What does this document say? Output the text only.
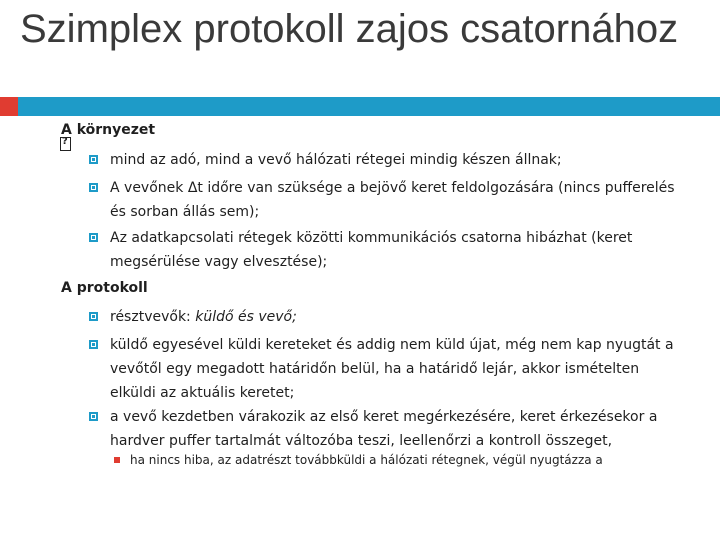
Szimplex protokoll zajos csatornához
A környezet
?
mind az adó, mind a vevő hálózati rétegei mindig készen állnak;
A vevőnek Δt időre van szüksége a bejövő keret feldolgozására (nincs pufferelés és sorban állás sem);
Az adatkapcsolati rétegek közötti kommunikációs csatorna hibázhat (keret megsérülése vagy elvesztése);
A protokoll
résztvevők: küldő és vevő;
küldő egyesével küldi kereteket és addig nem küld újat, még nem kap nyugtát a vevőtől egy megadott határidőn belül, ha a határidő lejár, akkor ismételten elküldi az aktuális keretet;
a vevő kezdetben várakozik az első keret megérkezésére, keret érkezésekor a hardver puffer tartalmát változóba teszi, leellenőrzi a kontroll összeget,
ha nincs hiba, az adatrészt továbbküldi a hálózati rétegnek, végül nyugtázza a
